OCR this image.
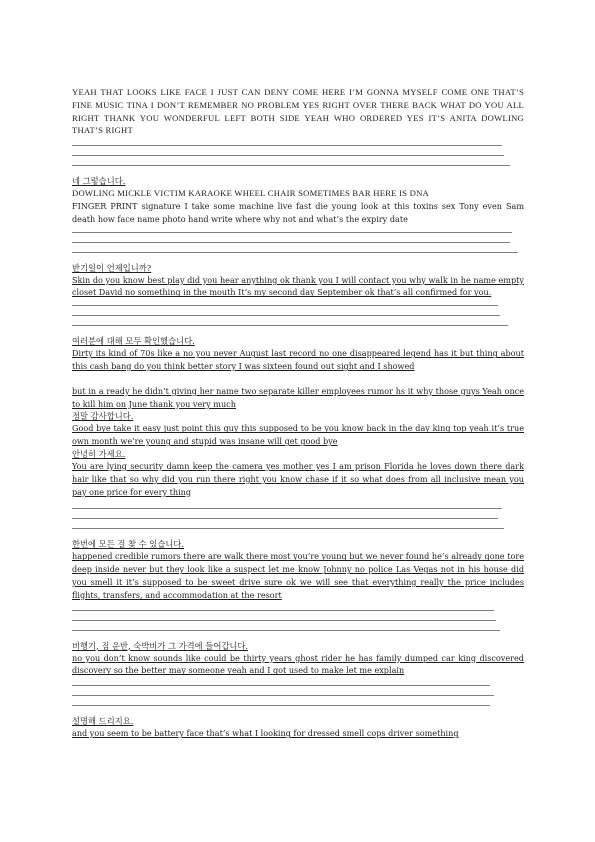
YEAH THAT LOOKS LIKE FACE I JUST CAN DENY COME HERE I’M GONNA MYSELF COME ONE THAT’S FINE MUSIC TINA I DON’T REMEMBER NO PROBLEM YES RIGHT OVER THERE BACK WHAT DO YOU ALL RIGHT THANK YOU WONDERFUL LEFT BOTH SIDE YEAH WHO ORDERED YES IT’S ANITA DOWLING THAT’S RIGHT

네 그렇습니다.

DOWLING MICKLE VICTIM KARAOKE WHEEL CHAIR SOMETIMES BAR HERE IS DNA

FINGER PRINT signature I take some machine live fast die young look at this toxins sex Tony even Sam death how face name photo hand write where why not and what’s the expiry date

반기일이 언제입니까?

Skin do you know best play did you hear anything ok thank you I will contact you why walk in he name empty closet David no something in the mouth It’s my second day September ok that’s all confirmed for you.

여러분에 대해 모두 확인했습니다.

Dirty its kind of 70s like a no you never August last record no one disappeared legend has it but thing about this cash bang do you think better story I was sixteen found out sight and I showed

but in a ready he didn’t giving her name two separate killer employees rumor hs it why those guys Yeah once to kill him on June thank you very much

정말 감사합니다.

Good bye take it easy just point this guy this supposed to be you know back in the day king top yeah it’s true own month we’re young and stupid was insane will get good bye

안녕히 가세요.

You are lying security damn keep the camera yes mother yes I am prison Florida he loves down there dark hair like that so why did you run there right you know chase if it so what does from all inclusive mean you pay one price for every thing

한번에 모든 걸 찾 수 있습니다.

happened credible rumors there are walk there most you’re young but we never found he’s already gone tore deep inside never but they look like a suspect let me know Johnny no police Las Vegas not in his house did you smell it it’s supposed to be sweet drive sure ok we will see that everything really the price includes flights, transfers, and accommodation at the resort

비행기, 짐 운반, 숙박비가 그 가격에 들어갑니다.

no you don’t know sounds like could be thirty years ghost rider he has family dumped car king discovered discovery so the better may someone yeah and I got used to make let me explain

설명해 드리지요.

and you seem to be battery face that’s what I looking for dressed smell cops driver something
